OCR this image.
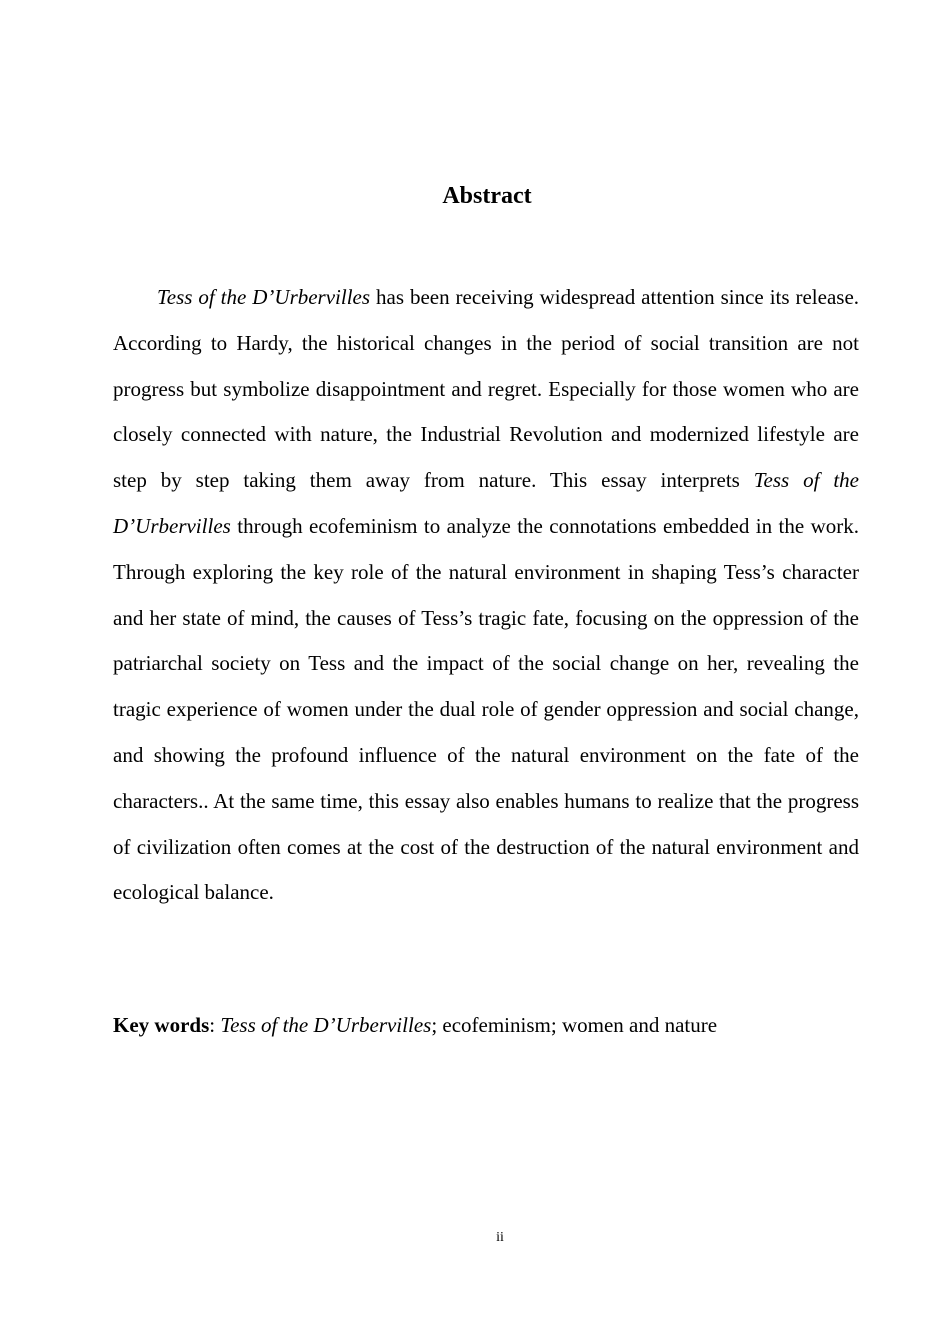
Abstract

Tess of the D’Urbervilles has been receiving widespread attention since its release. According to Hardy, the historical changes in the period of social transition are not progress but symbolize disappointment and regret. Especially for those women who are closely connected with nature, the Industrial Revolution and modernized lifestyle are step by step taking them away from nature. This essay interprets Tess of the D’Urbervilles through ecofeminism to analyze the connotations embedded in the work. Through exploring the key role of the natural environment in shaping Tess’s character and her state of mind, the causes of Tess’s tragic fate, focusing on the oppression of the patriarchal society on Tess and the impact of the social change on her, revealing the tragic experience of women under the dual role of gender oppression and social change, and showing the profound influence of the natural environment on the fate of the characters.. At the same time, this essay also enables humans to realize that the progress of civilization often comes at the cost of the destruction of the natural environment and ecological balance.

Key words: Tess of the D’Urbervilles; ecofeminism; women and nature

ii
